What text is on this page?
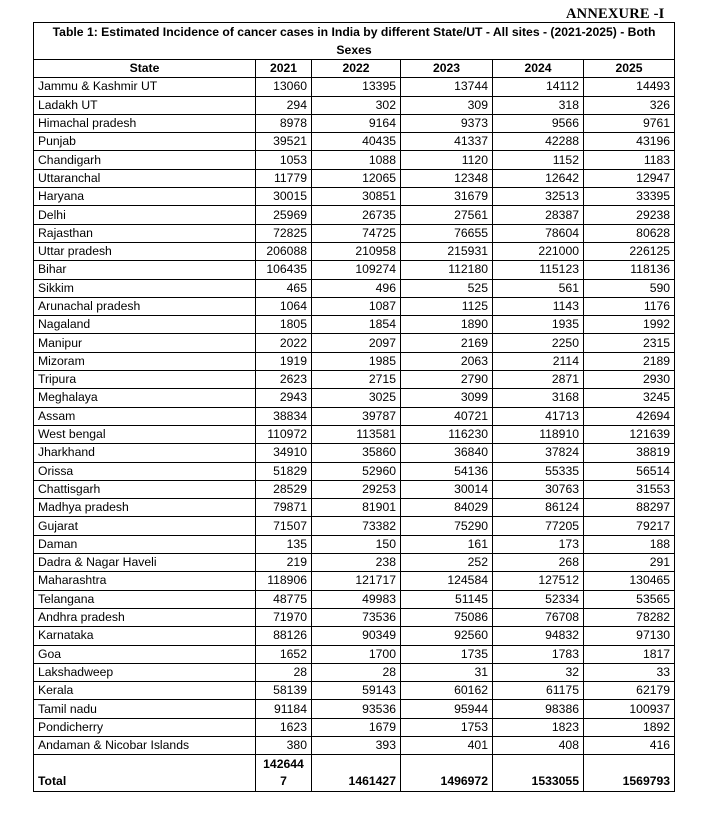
ANNEXURE -I
Table 1: Estimated Incidence of cancer cases in India by different State/UT - All sites - (2021-2025) - Both Sexes					
State	2021	2022	2023	2024	2025
Jammu & Kashmir UT	13060	13395	13744	14112	14493
Ladakh UT	294	302	309	318	326
Himachal pradesh	8978	9164	9373	9566	9761
Punjab	39521	40435	41337	42288	43196
Chandigarh	1053	1088	1120	1152	1183
Uttaranchal	11779	12065	12348	12642	12947
Haryana	30015	30851	31679	32513	33395
Delhi	25969	26735	27561	28387	29238
Rajasthan	72825	74725	76655	78604	80628
Uttar pradesh	206088	210958	215931	221000	226125
Bihar	106435	109274	112180	115123	118136
Sikkim	465	496	525	561	590
Arunachal pradesh	1064	1087	1125	1143	1176
Nagaland	1805	1854	1890	1935	1992
Manipur	2022	2097	2169	2250	2315
Mizoram	1919	1985	2063	2114	2189
Tripura	2623	2715	2790	2871	2930
Meghalaya	2943	3025	3099	3168	3245
Assam	38834	39787	40721	41713	42694
West bengal	110972	113581	116230	118910	121639
Jharkhand	34910	35860	36840	37824	38819
Orissa	51829	52960	54136	55335	56514
Chattisgarh	28529	29253	30014	30763	31553
Madhya pradesh	79871	81901	84029	86124	88297
Gujarat	71507	73382	75290	77205	79217
Daman	135	150	161	173	188
Dadra & Nagar Haveli	219	238	252	268	291
Maharashtra	118906	121717	124584	127512	130465
Telangana	48775	49983	51145	52334	53565
Andhra pradesh	71970	73536	75086	76708	78282
Karnataka	88126	90349	92560	94832	97130
Goa	1652	1700	1735	1783	1817
Lakshadweep	28	28	31	32	33
Kerala	58139	59143	60162	61175	62179
Tamil nadu	91184	93536	95944	98386	100937
Pondicherry	1623	1679	1753	1823	1892
Andaman & Nicobar Islands	380	393	401	408	416
Total	1426447	1461427	1496972	1533055	1569793
